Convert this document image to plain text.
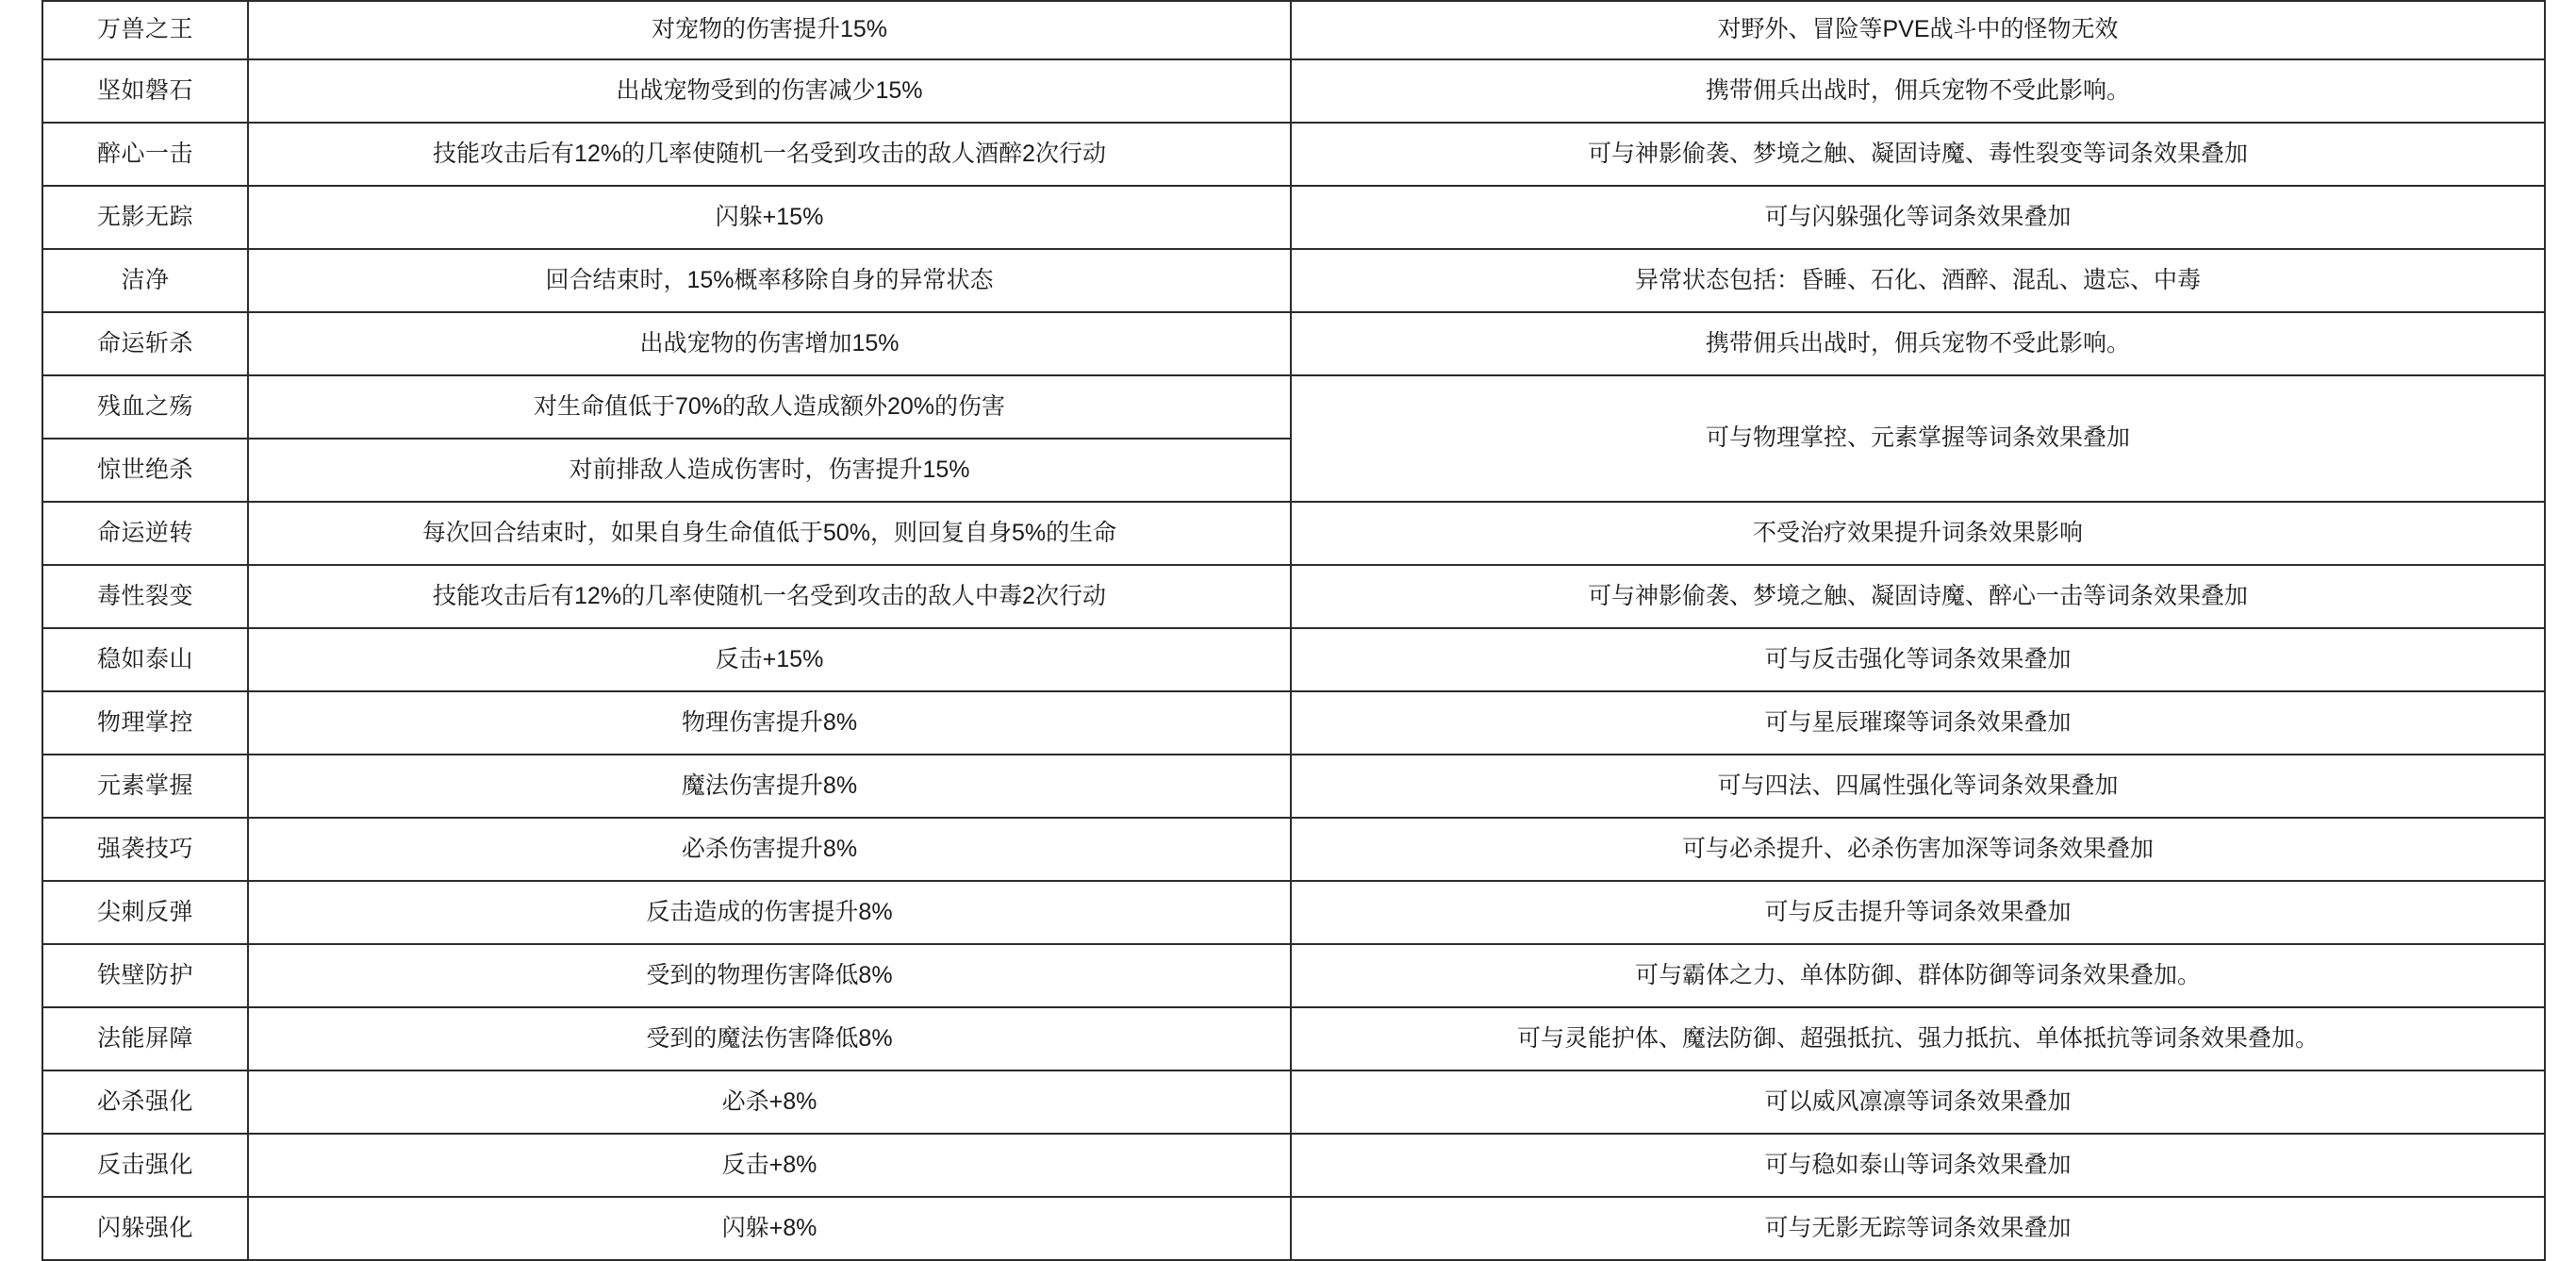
万兽之王	对宠物的伤害提升15%	对野外、冒险等PVE战斗中的怪物无效
坚如磐石	出战宠物受到的伤害减少15%	携带佣兵出战时，佣兵宠物不受此影响。
醉心一击	技能攻击后有12%的几率使随机一名受到攻击的敌人酒醉2次行动	可与神影偷袭、梦境之触、凝固诗魔、毒性裂变等词条效果叠加
无影无踪	闪躲+15%	可与闪躲强化等词条效果叠加
洁净	回合结束时，15%概率移除自身的异常状态	异常状态包括：昏睡、石化、酒醉、混乱、遗忘、中毒
命运斩杀	出战宠物的伤害增加15%	携带佣兵出战时，佣兵宠物不受此影响。
残血之殇	对生命值低于70%的敌人造成额外20%的伤害	可与物理掌控、元素掌握等词条效果叠加
惊世绝杀	对前排敌人造成伤害时，伤害提升15%	
命运逆转	每次回合结束时，如果自身生命值低于50%，则回复自身5%的生命	不受治疗效果提升词条效果影响
毒性裂变	技能攻击后有12%的几率使随机一名受到攻击的敌人中毒2次行动	可与神影偷袭、梦境之触、凝固诗魔、醉心一击等词条效果叠加
稳如泰山	反击+15%	可与反击强化等词条效果叠加
物理掌控	物理伤害提升8%	可与星辰璀璨等词条效果叠加
元素掌握	魔法伤害提升8%	可与四法、四属性强化等词条效果叠加
强袭技巧	必杀伤害提升8%	可与必杀提升、必杀伤害加深等词条效果叠加
尖刺反弹	反击造成的伤害提升8%	可与反击提升等词条效果叠加
铁壁防护	受到的物理伤害降低8%	可与霸体之力、单体防御、群体防御等词条效果叠加。
法能屏障	受到的魔法伤害降低8%	可与灵能护体、魔法防御、超强抵抗、强力抵抗、单体抵抗等词条效果叠加。
必杀强化	必杀+8%	可以威风凛凛等词条效果叠加
反击强化	反击+8%	可与稳如泰山等词条效果叠加
闪躲强化	闪躲+8%	可与无影无踪等词条效果叠加
